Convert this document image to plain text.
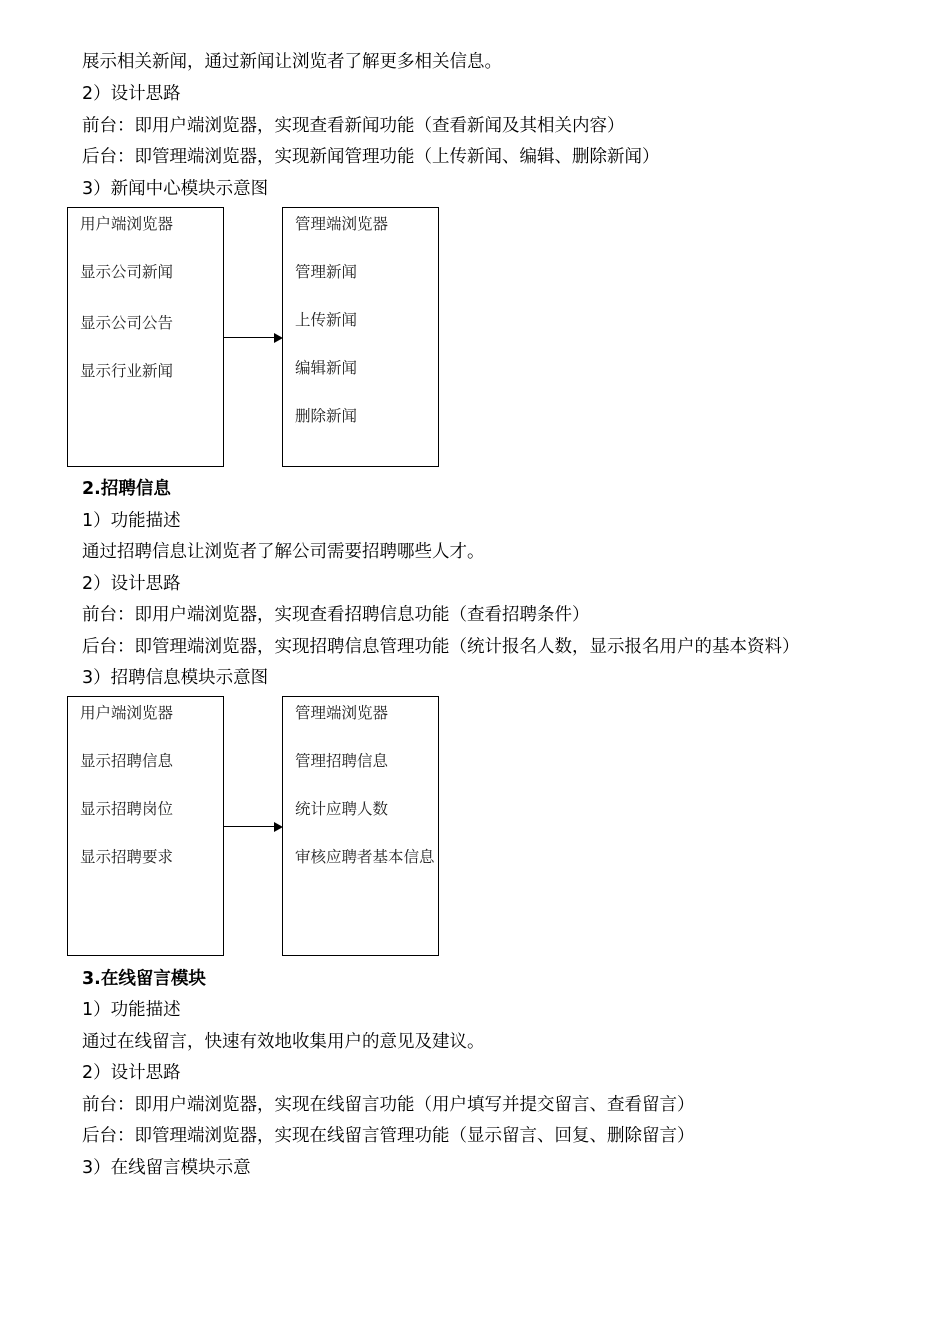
展示相关新闻，通过新闻让浏览者了解更多相关信息。
2）设计思路
前台：即用户端浏览器，实现查看新闻功能（查看新闻及其相关内容）
后台：即管理端浏览器，实现新闻管理功能（上传新闻、编辑、删除新闻）
3）新闻中心模块示意图
用户端浏览器
显示公司新闻
显示公司公告
显示行业新闻
管理端浏览器
管理新闻
上传新闻
编辑新闻
删除新闻
2.招聘信息
1）功能描述
通过招聘信息让浏览者了解公司需要招聘哪些人才。
2）设计思路
前台：即用户端浏览器，实现查看招聘信息功能（查看招聘条件）
后台：即管理端浏览器，实现招聘信息管理功能（统计报名人数，显示报名用户的基本资料）
3）招聘信息模块示意图
用户端浏览器
显示招聘信息
显示招聘岗位
显示招聘要求
管理端浏览器
管理招聘信息
统计应聘人数
审核应聘者基本信息
3.在线留言模块
1）功能描述
通过在线留言，快速有效地收集用户的意见及建议。
2）设计思路
前台：即用户端浏览器，实现在线留言功能（用户填写并提交留言、查看留言）
后台：即管理端浏览器，实现在线留言管理功能（显示留言、回复、删除留言）
3）在线留言模块示意
